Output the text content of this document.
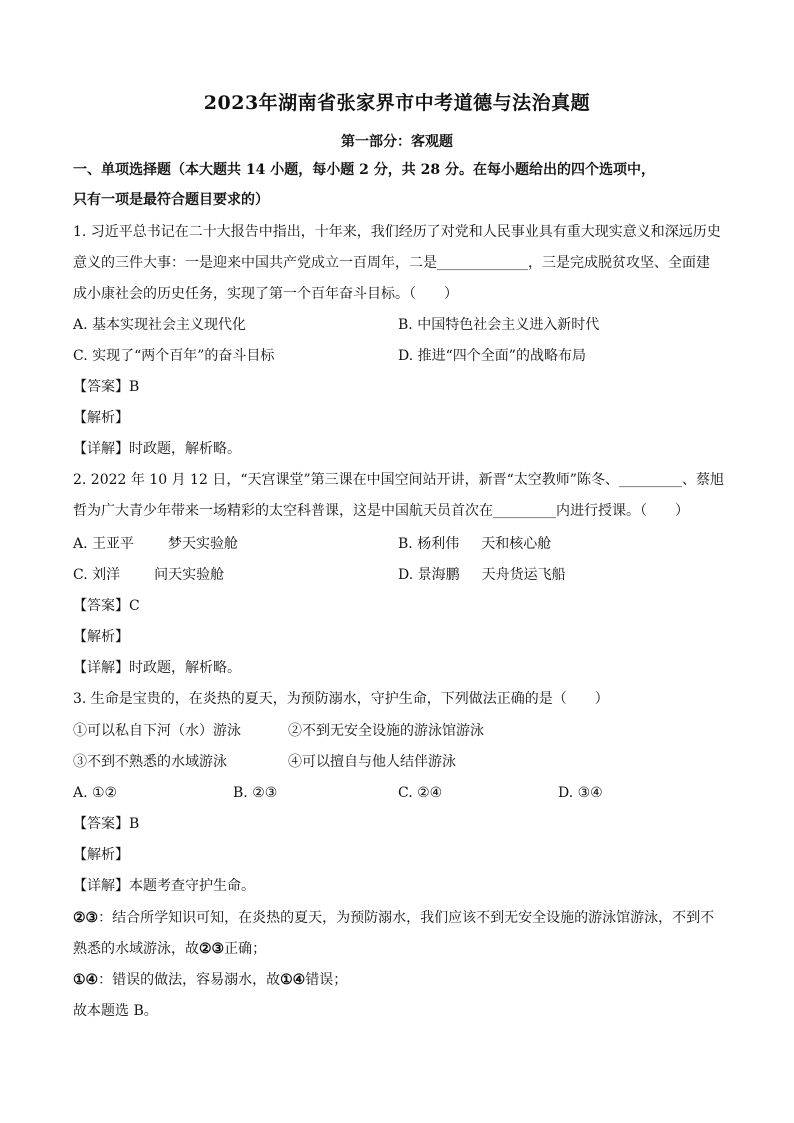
2023年湖南省张家界市中考道德与法治真题
第一部分：客观题
一、单项选择题（本大题共 14 小题，每小题 2 分，共 28 分。在每小题给出的四个选项中，
只有一项是最符合题目要求的）
1. 习近平总书记在二十大报告中指出，十年来，我们经历了对党和人民事业具有重大现实意义和深远历史
意义的三件大事：一是迎来中国共产党成立一百周年，二是_____________，三是完成脱贫攻坚、全面建
成小康社会的历史任务，实现了第一个百年奋斗目标。（　　）
A. 基本实现社会主义现代化	B. 中国特色社会主义进入新时代
C. 实现了“两个百年”的奋斗目标	D. 推进“四个全面”的战略布局
【答案】B
【解析】
【详解】时政题，解析略。
2. 2022 年 10 月 12 日，“天宫课堂”第三课在中国空间站开讲，新晋“太空教师”陈冬、_________、蔡旭
哲为广大青少年带来一场精彩的太空科普课，这是中国航天员首次在_________内进行授课。（　　）
A. 王亚平 梦天实验舱	B. 杨利伟 天和核心舱
C. 刘洋 问天实验舱	D. 景海鹏 天舟货运飞船
【答案】C
【解析】
【详解】时政题，解析略。
3. 生命是宝贵的，在炎热的夏天，为预防溺水，守护生命，下列做法正确的是（　　）
①可以私自下河（水）游泳	②不到无安全设施的游泳馆游泳
③不到不熟悉的水域游泳	④可以擅自与他人结伴游泳
A. ①②	B. ②③	C. ②④	D. ③④
【答案】B
【解析】
【详解】本题考查守护生命。
②③：结合所学知识可知，在炎热的夏天，为预防溺水，我们应该不到无安全设施的游泳馆游泳，不到不
熟悉的水域游泳，故②③正确；
①④：错误的做法，容易溺水，故①④错误；
故本题选 B。
